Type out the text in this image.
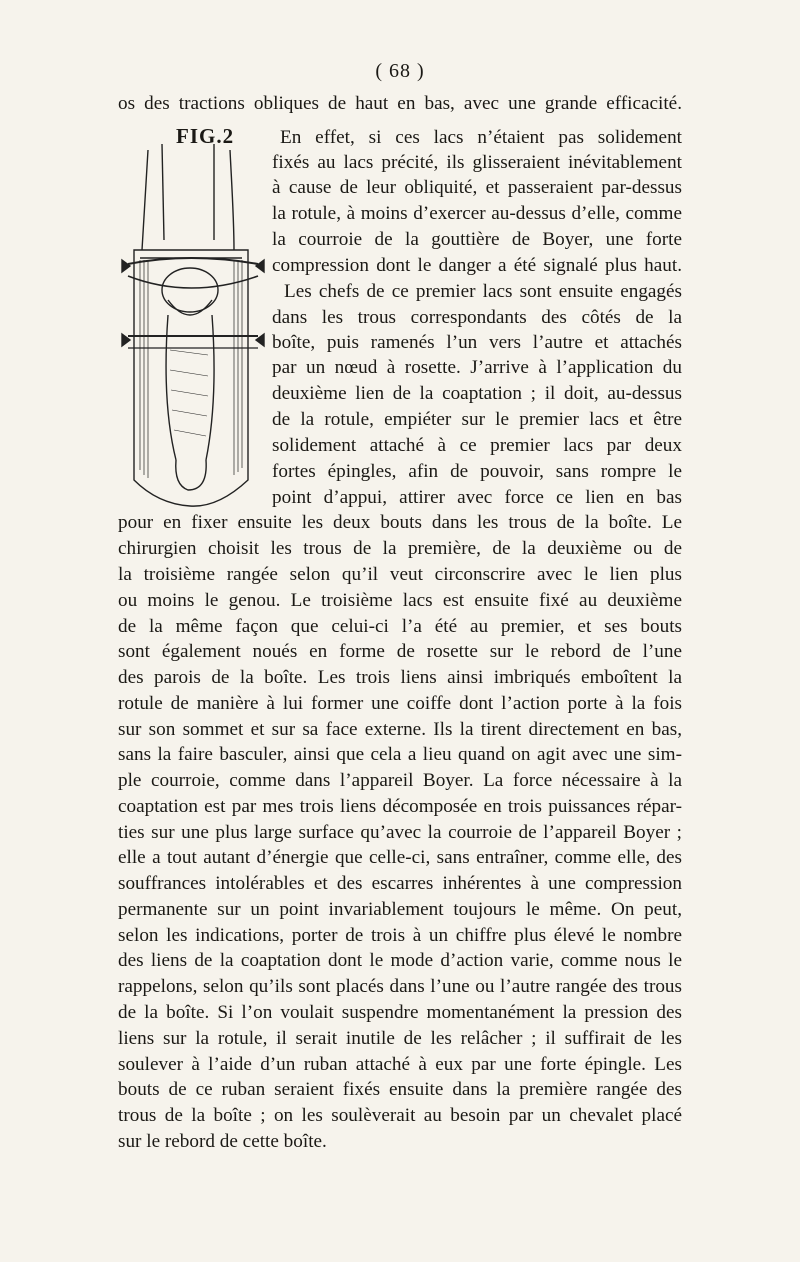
( 68 )
FIG.2
os des tractions obliques de haut en bas, avec une grande efficacité.
En effet, si ces lacs n’étaient pas solidement
fixés au lacs précité, ils glisseraient inévitablement
à cause de leur obliquité, et passeraient par-dessus
la rotule, à moins d’exercer au-dessus d’elle, comme
la courroie de la gouttière de Boyer, une forte
compression dont le danger a été signalé plus haut.
Les chefs de ce premier lacs sont ensuite engagés
dans les trous correspondants des côtés de la
boîte, puis ramenés l’un vers l’autre et attachés
par un nœud à rosette. J’arrive à l’application du
deuxième lien de la coaptation ; il doit, au-dessus
de la rotule, empiéter sur le premier lacs et être
solidement attaché à ce premier lacs par deux
fortes épingles, afin de pouvoir, sans rompre le
point d’appui, attirer avec force ce lien en bas
pour en fixer ensuite les deux bouts dans les trous de la boîte. Le
chirurgien choisit les trous de la première, de la deuxième ou de
la troisième rangée selon qu’il veut circonscrire avec le lien plus
ou moins le genou. Le troisième lacs est ensuite fixé au deuxième
de la même façon que celui-ci l’a été au premier, et ses bouts
sont également noués en forme de rosette sur le rebord de l’une
des parois de la boîte. Les trois liens ainsi imbriqués emboîtent la
rotule de manière à lui former une coiffe dont l’action porte à la fois
sur son sommet et sur sa face externe. Ils la tirent directement en bas,
sans la faire basculer, ainsi que cela a lieu quand on agit avec une sim-
ple courroie, comme dans l’appareil Boyer. La force nécessaire à la
coaptation est par mes trois liens décomposée en trois puissances répar-
ties sur une plus large surface qu’avec la courroie de l’appareil Boyer ;
elle a tout autant d’énergie que celle-ci, sans entraîner, comme elle, des
souffrances intolérables et des escarres inhérentes à une compression
permanente sur un point invariablement toujours le même. On peut,
selon les indications, porter de trois à un chiffre plus élevé le nombre
des liens de la coaptation dont le mode d’action varie, comme nous le
rappelons, selon qu’ils sont placés dans l’une ou l’autre rangée des trous
de la boîte. Si l’on voulait suspendre momentanément la pression des
liens sur la rotule, il serait inutile de les relâcher ; il suffirait de les
soulever à l’aide d’un ruban attaché à eux par une forte épingle. Les
bouts de ce ruban seraient fixés ensuite dans la première rangée des
trous de la boîte ; on les soulèverait au besoin par un chevalet placé
sur le rebord de cette boîte.
